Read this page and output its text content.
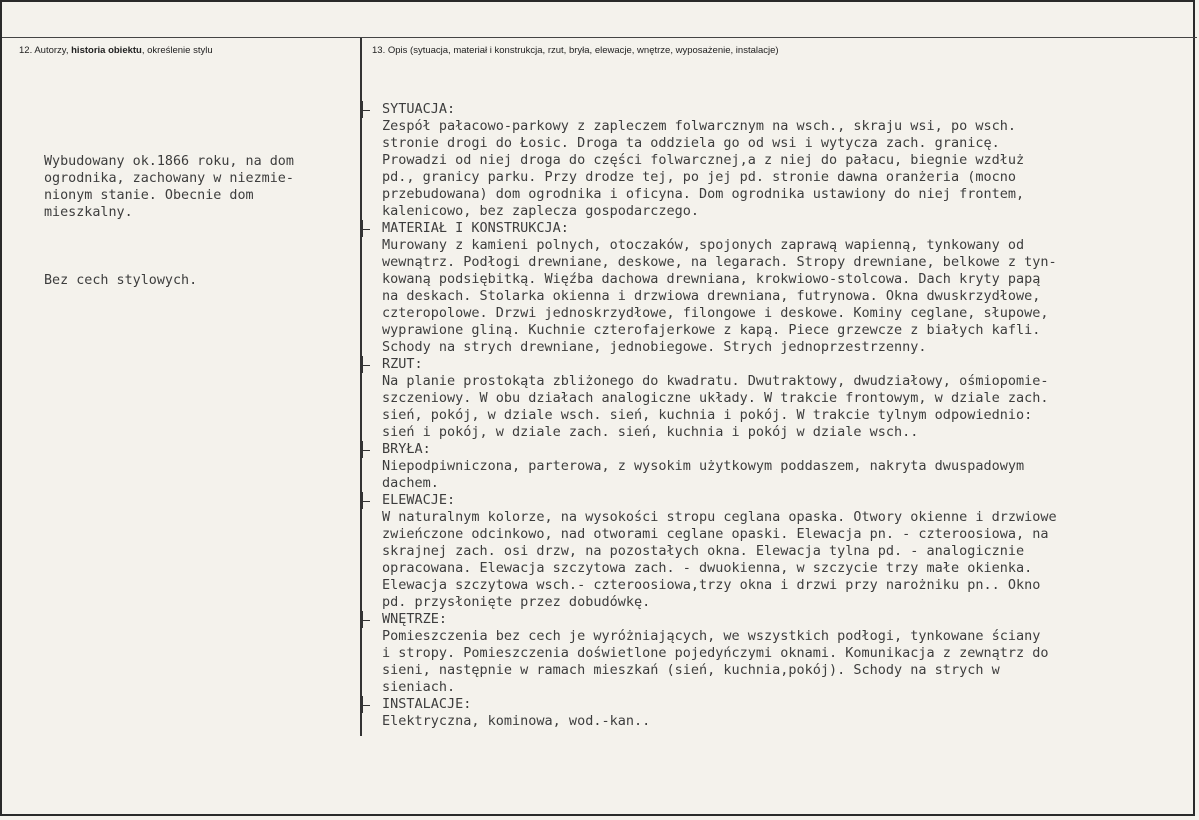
12. Autorzy, historia obiektu, określenie stylu	13. Opis (sytuacja, materiał i konstrukcja, rzut, bryła, elewacje, wnętrze, wyposażenie, instalacje)

Wybudowany ok.1866 roku, na dom
ogrodnika, zachowany w niezmie-
nionym stanie. Obecnie dom
mieszkalny.

Bez cech stylowych.

SYTUACJA:
Zespół pałacowo-parkowy z zapleczem folwarcznym na wsch., skraju wsi, po wsch.
stronie drogi do Łosic. Droga ta oddziela go od wsi i wytycza zach. granicę.
Prowadzi od niej droga do części folwarcznej,a z niej do pałacu, biegnie wzdłuż
pd., granicy parku. Przy drodze tej, po jej pd. stronie dawna oranżeria (mocno
przebudowana) dom ogrodnika i oficyna. Dom ogrodnika ustawiony do niej frontem,
kalenicowo, bez zaplecza gospodarczego.
MATERIAŁ I KONSTRUKCJA:
Murowany z kamieni polnych, otoczaków, spojonych zaprawą wapienną, tynkowany od
wewnątrz. Podłogi drewniane, deskowe, na legarach. Stropy drewniane, belkowe z tyn-
kowaną podsiębitką. Więźba dachowa drewniana, krokwiowo-stolcowa. Dach kryty papą
na deskach. Stolarka okienna i drzwiowa drewniana, futrynowa. Okna dwuskrzydłowe,
czteropolowe. Drzwi jednoskrzydłowe, filongowe i deskowe. Kominy ceglane, słupowe,
wyprawione gliną. Kuchnie czterofajerkowe z kapą. Piece grzewcze z białych kafli.
Schody na strych drewniane, jednobiegowe. Strych jednoprzestrzenny.
RZUT:
Na planie prostokąta zbliżonego do kwadratu. Dwutraktowy, dwudziałowy, ośmiopomie-
szczeniowy. W obu działach analogiczne układy. W trakcie frontowym, w dziale zach.
sień, pokój, w dziale wsch. sień, kuchnia i pokój. W trakcie tylnym odpowiednio:
sień i pokój, w dziale zach. sień, kuchnia i pokój w dziale wsch..
BRYŁA:
Niepodpiwniczona, parterowa, z wysokim użytkowym poddaszem, nakryta dwuspadowym
dachem.
ELEWACJE:
W naturalnym kolorze, na wysokości stropu ceglana opaska. Otwory okienne i drzwiowe
zwieńczone odcinkowo, nad otworami ceglane opaski. Elewacja pn. - czteroosiowa, na
skrajnej zach. osi drzw, na pozostałych okna. Elewacja tylna pd. - analogicznie
opracowana. Elewacja szczytowa zach. - dwuokienna, w szczycie trzy małe okienka.
Elewacja szczytowa wsch.- czteroosiowa,trzy okna i drzwi przy narożniku pn.. Okno
pd. przysłonięte przez dobudówkę.
WNĘTRZE:
Pomieszczenia bez cech je wyróżniających, we wszystkich podłogi, tynkowane ściany
i stropy. Pomieszczenia doświetlone pojedyńczymi oknami. Komunikacja z zewnątrz do
sieni, następnie w ramach mieszkań (sień, kuchnia,pokój). Schody na strych w
sieniach.
INSTALACJE:
Elektryczna, kominowa, wod.-kan..
